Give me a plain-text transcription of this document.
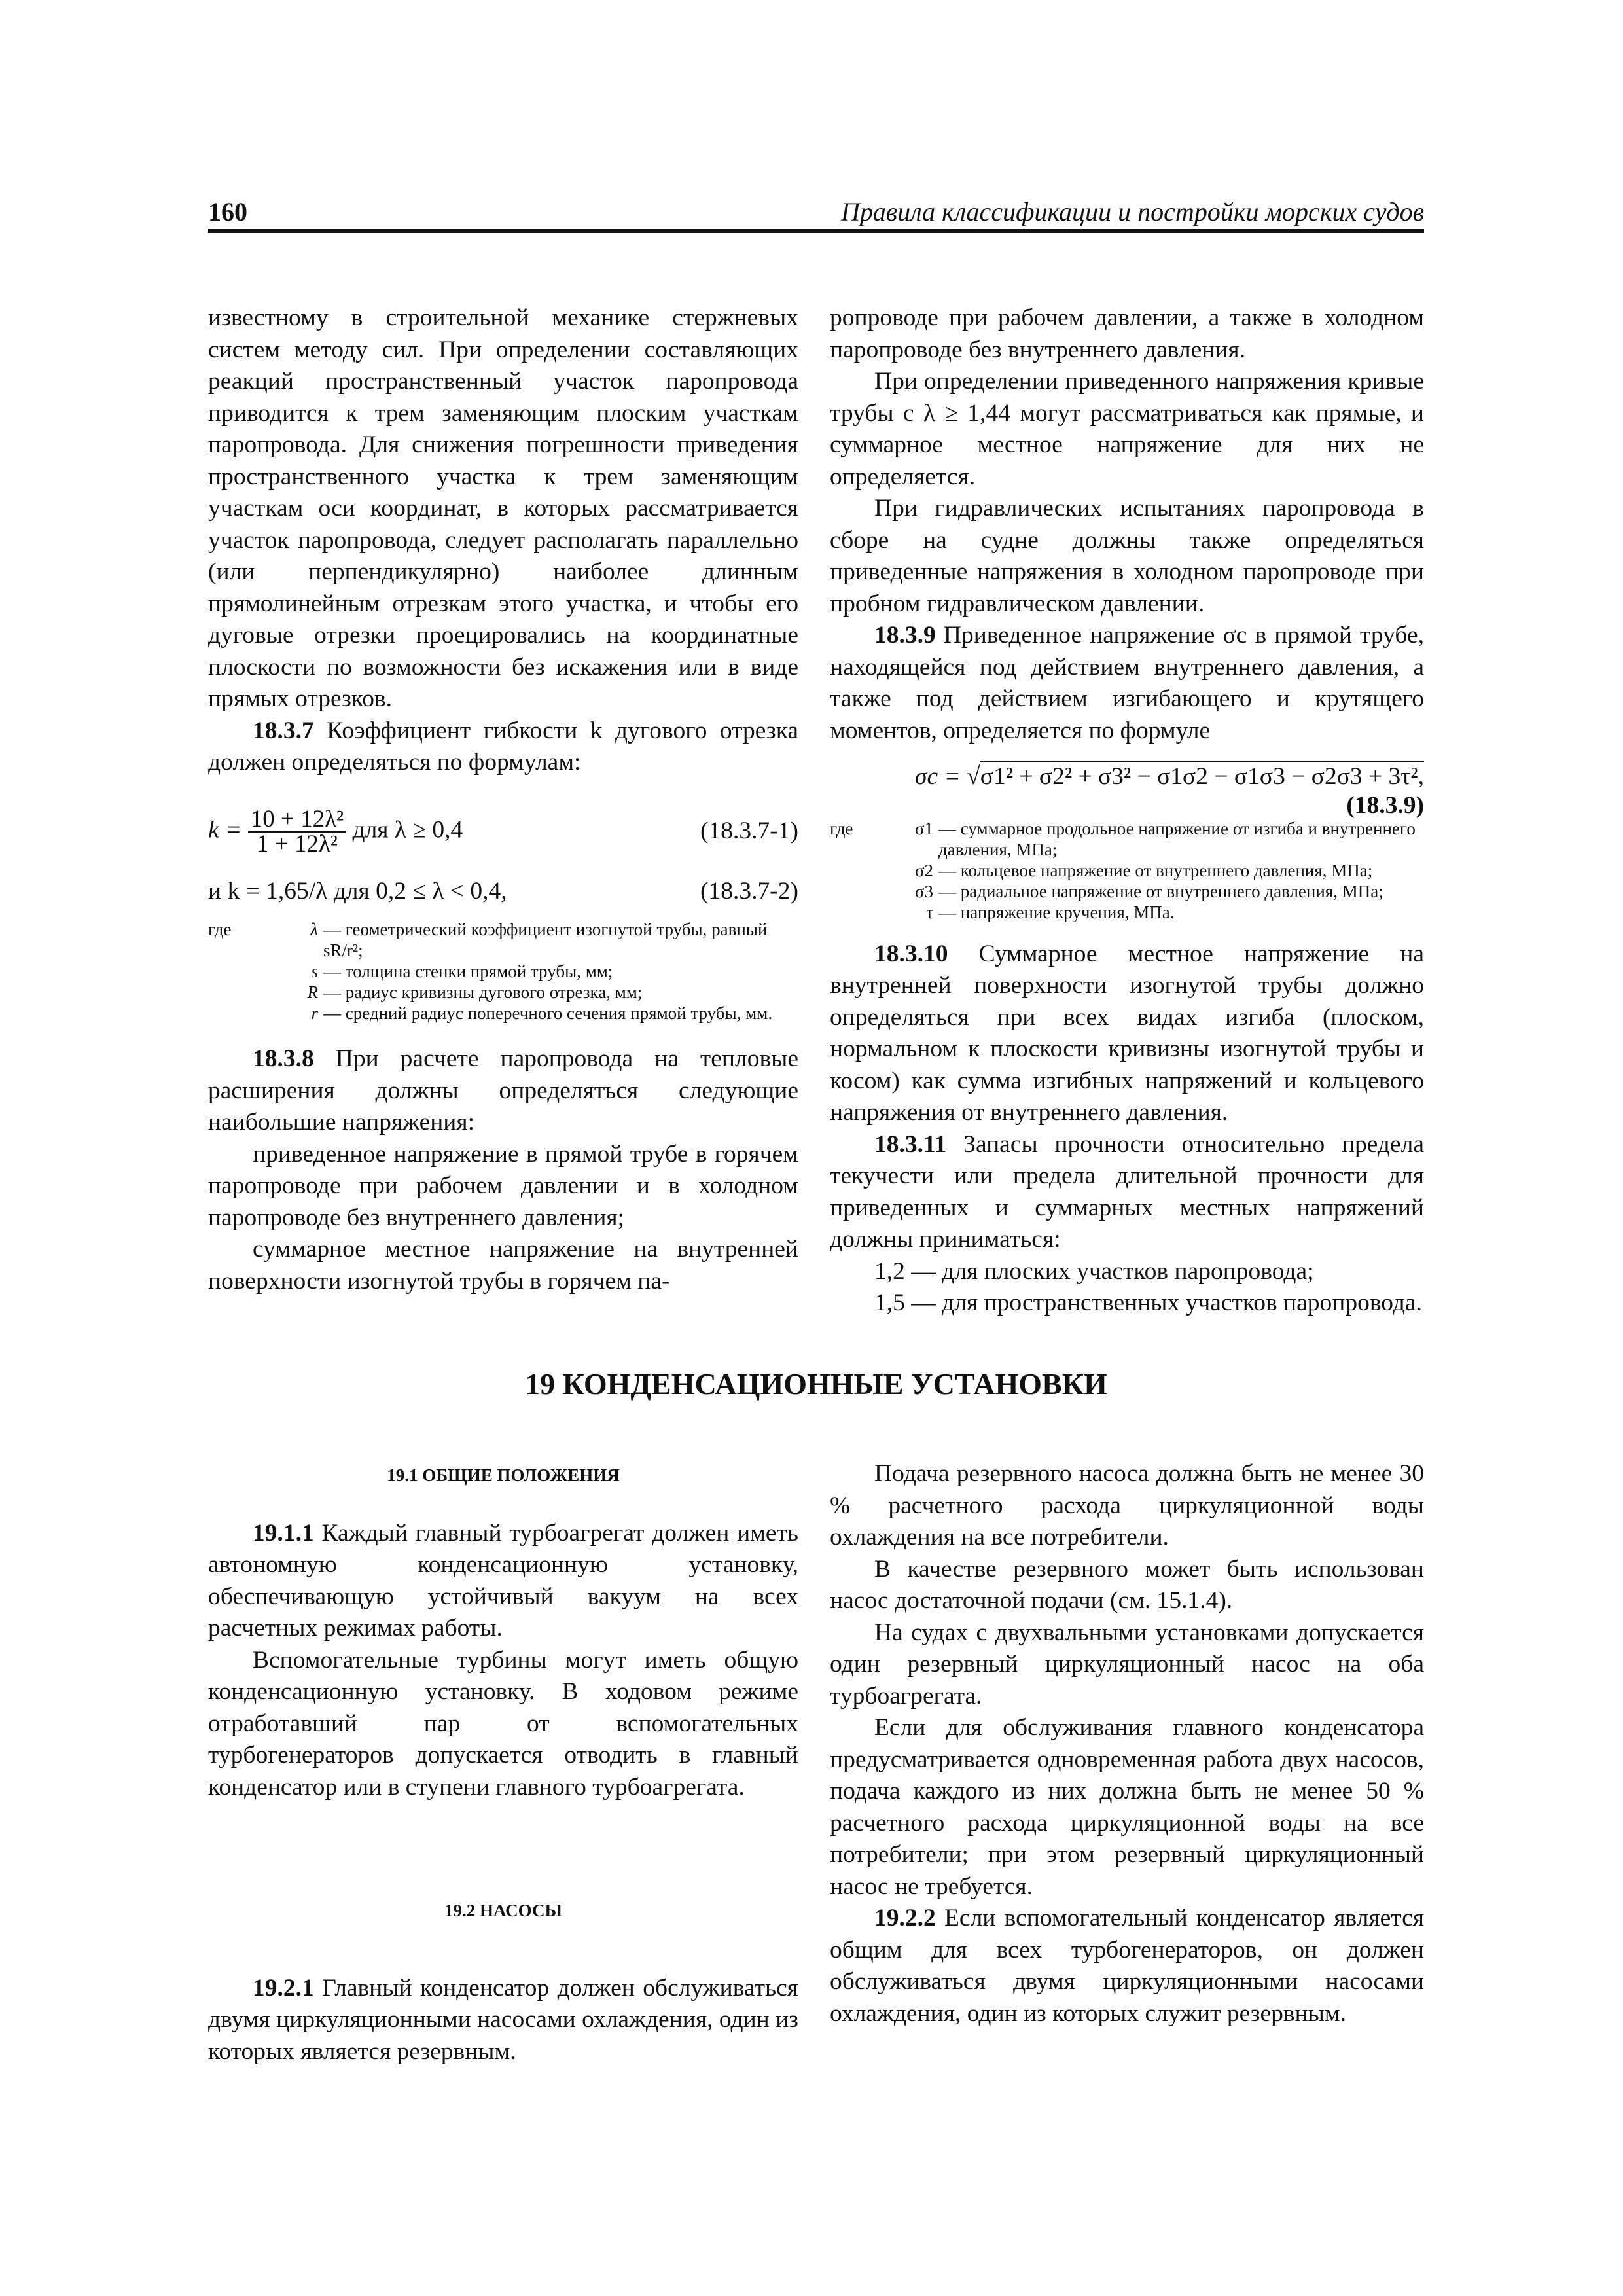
160	Правила классификации и постройки морских судов

известному в строительной механике стержневых систем методу сил. При определении составляющих реакций пространственный участок паропровода приводится к трем заменяющим плоским участкам паропровода. Для снижения погрешности приведения пространственного участка к трем заменяющим участкам оси координат, в которых рассматривается участок паропровода, следует располагать параллельно (или перпендикулярно) наиболее длинным прямолинейным отрезкам этого участка, и чтобы его дуговые отрезки проецировались на координатные плоскости по возможности без искажения или в виде прямых отрезков.

18.3.7 Коэффициент гибкости k дугового отрезка должен определяться по формулам:

$k = \frac{\text{10 + 12λ²}}{\text{1 + 12λ²}}$ для λ ≥ 0,4	(18.3.7-1)
и k = 1,65/λ для 0,2 ≤ λ < 0,4,	(18.3.7-2)
где	λ — геометрический коэффициент изогнутой трубы, равный sR/r²;
s — толщина стенки прямой трубы, мм;
R — радиус кривизны дугового отрезка, мм;
r — средний радиус поперечного сечения прямой трубы, мм.

18.3.8 При расчете паропровода на тепловые расширения должны определяться следующие наибольшие напряжения:

приведенное напряжение в прямой трубе в горячем паропроводе при рабочем давлении и в холодном паропроводе без внутреннего давления;

суммарное местное напряжение на внутренней поверхности изогнутой трубы в горячем па-

ропроводе при рабочем давлении, а также в холодном паропроводе без внутреннего давления.

При определении приведенного напряжения кривые трубы с λ ≥ 1,44 могут рассматриваться как прямые, и суммарное местное напряжение для них не определяется.

При гидравлических испытаниях паропровода в сборе на судне должны также определяться приведенные напряжения в холодном паропроводе при пробном гидравлическом давлении.

18.3.9 Приведенное напряжение σc в прямой трубе, находящейся под действием внутреннего давления, а также под действием изгибающего и крутящего моментов, определяется по формуле

σc = √σ1² + σ2² + σ3² − σ1σ2 − σ1σ3 − σ2σ3 + 3τ²,
(18.3.9)
где	σ1 — суммарное продольное напряжение от изгиба и внутреннего давления, МПа;
σ2 — кольцевое напряжение от внутреннего давления, МПа;
σ3 — радиальное напряжение от внутреннего давления, МПа;
τ — напряжение кручения, МПа.

18.3.10 Суммарное местное напряжение на внутренней поверхности изогнутой трубы должно определяться при всех видах изгиба (плоском, нормальном к плоскости кривизны изогнутой трубы и косом) как сумма изгибных напряжений и кольцевого напряжения от внутреннего давления.

18.3.11 Запасы прочности относительно предела текучести или предела длительной прочности для приведенных и суммарных местных напряжений должны приниматься:

1,2 — для плоских участков паропровода;

1,5 — для пространственных участков паропровода.

19 КОНДЕНСАЦИОННЫЕ УСТАНОВКИ

19.1 ОБЩИЕ ПОЛОЖЕНИЯ

19.1.1 Каждый главный турбоагрегат должен иметь автономную конденсационную установку, обеспечивающую устойчивый вакуум на всех расчетных режимах работы.

Вспомогательные турбины могут иметь общую конденсационную установку. В ходовом режиме отработавший пар от вспомогательных турбогенераторов допускается отводить в главный конденсатор или в ступени главного турбоагрегата.

19.2 НАСОСЫ

19.2.1 Главный конденсатор должен обслуживаться двумя циркуляционными насосами охлаждения, один из которых является резервным.

Подача резервного насоса должна быть не менее 30 % расчетного расхода циркуляционной воды охлаждения на все потребители.

В качестве резервного может быть использован насос достаточной подачи (см. 15.1.4).

На судах с двухвальными установками допускается один резервный циркуляционный насос на оба турбоагрегата.

Если для обслуживания главного конденсатора предусматривается одновременная работа двух насосов, подача каждого из них должна быть не менее 50 % расчетного расхода циркуляционной воды на все потребители; при этом резервный циркуляционный насос не требуется.

19.2.2 Если вспомогательный конденсатор является общим для всех турбогенераторов, он должен обслуживаться двумя циркуляционными насосами охлаждения, один из которых служит резервным.
